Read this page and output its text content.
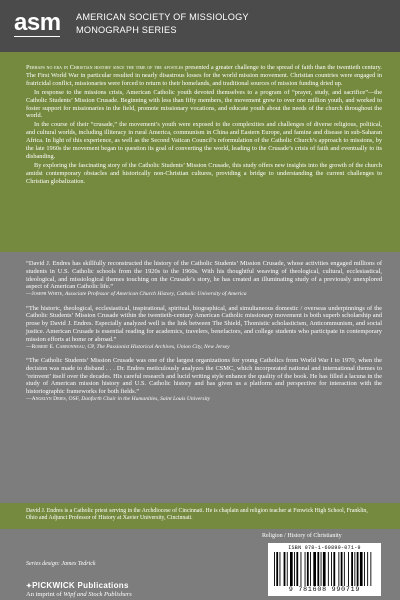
asm AMERICAN SOCIETY OF MISSIOLOGY
MONOGRAPH SERIES

Perhaps no era in Christian history since the time of the apostles presented a greater challenge to the spread of faith than the twentieth century. The First World War in particular resulted in nearly disastrous losses for the world mission movement. Christian countries were engaged in fratricidal conflict, missionaries were forced to return to their homelands, and traditional sources of mission funding dried up.

In response to the missions crisis, American Catholic youth devoted themselves to a program of “prayer, study, and sacrifice”—the Catholic Students’ Mission Crusade. Beginning with less than fifty members, the movement grew to over one million youth, and worked to foster support for missionaries in the field, promote missionary vocations, and educate youth about the needs of the church throughout the world.

In the course of their “crusade,” the movement’s youth were exposed to the complexities and challenges of diverse religious, political, and cultural worlds, including illiteracy in rural America, communism in China and Eastern Europe, and famine and disease in sub-Saharan Africa. In light of this experience, as well as the Second Vatican Council’s reformulation of the Catholic Church’s approach to missions, by the late 1960s the movement began to question its goal of converting the world, leading to the Crusade’s crisis of faith and eventually to its disbanding.

By exploring the fascinating story of the Catholic Students’ Mission Crusade, this study offers new insights into the growth of the church amidst contemporary obstacles and historically non-Christian cultures, providing a bridge to understanding the current challenges to Christian globalization.

“David J. Endres has skillfully reconstructed the history of the Catholic Students’ Mission Crusade, whose activities engaged millions of students in U.S. Catholic schools from the 1920s to the 1960s. With his thoughtful weaving of theological, cultural, ecclesiastical, ideological, and missiological themes touching on the Crusade’s story, he has created an illuminating study of a previously unexplored aspect of American Catholic life.”
—Joseph White, Associate Professor of American Church History, Catholic University of America
“The historic, theological, ecclesiastical, inspirational, spiritual, biographical, and simultaneous domestic / overseas underpinnings of the Catholic Students’ Mission Crusade within the twentieth-century American Catholic missionary movement is both superb scholarship and prose by David J. Endres. Especially analyzed well is the link between The Shield, Thomistic scholasticism, Anticommunism, and social justice. American Crusade is essential reading for academics, travelers, benefactors, and college students who participate in contemporary mission efforts at home or abroad.”
—Robert E. Carbonneau, CP, The Passionist Historical Archives, Union City, New Jersey
“The Catholic Students’ Mission Crusade was one of the largest organizations for young Catholics from World War I to 1970, when the decision was made to disband . . . Dr. Endres meticulously analyzes the CSMC, which incorporated national and international themes to ‘reinvent’ itself over the decades. His careful research and lucid writing style enhance the quality of the book. He has filled a lacuna in the study of American mission history and U.S. Catholic history and has given us a platform and perspective for interaction with the historiographic frameworks for both fields.”
—Angelyn Dries, OSF, Danforth Chair in the Humanities, Saint Louis University
David J. Endres is a Catholic priest serving in the Archdiocese of Cincinnati. He is chaplain and religion teacher at Fenwick High School, Franklin, Ohio and Adjunct Professor of History at Xavier University, Cincinnati.
Religion / History of Christianity
ISBN 978-1-60899-071-9
9 781608 990719
Series design: James Tedrick
✦PICKWICK Publications
An imprint of Wipf and Stock Publishers
